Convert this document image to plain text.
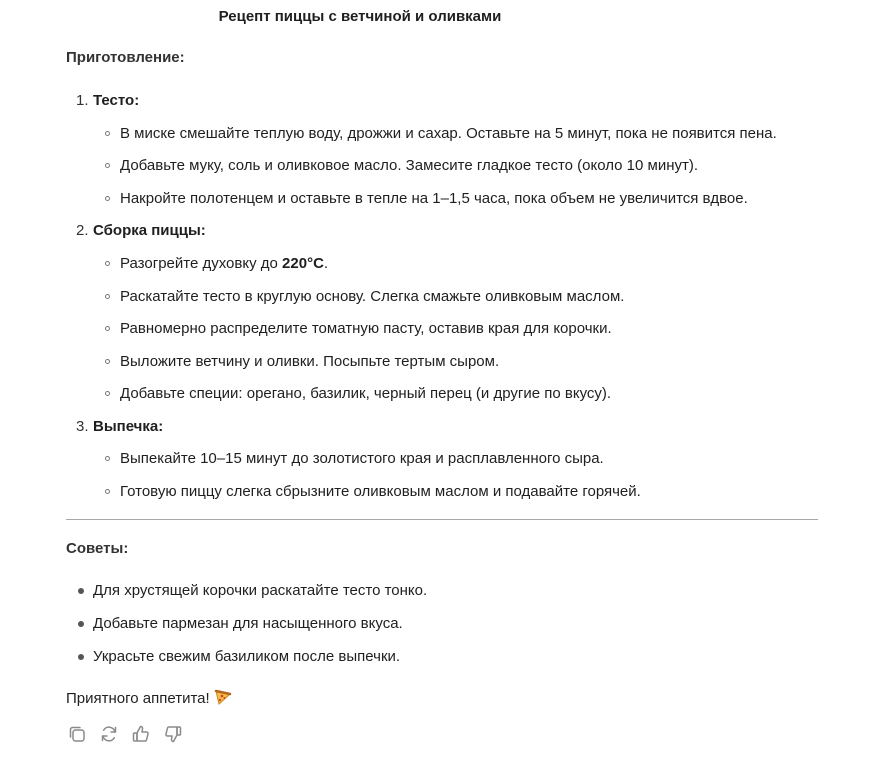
Рецепт пиццы с ветчиной и оливками
Приготовление:
1. Тесто:
В миске смешайте теплую воду, дрожжи и сахар. Оставьте на 5 минут, пока не появится пена.
Добавьте муку, соль и оливковое масло. Замесите гладкое тесто (около 10 минут).
Накройте полотенцем и оставьте в тепле на 1–1,5 часа, пока объем не увеличится вдвое.
2. Сборка пиццы:
Разогрейте духовку до 220°C.
Раскатайте тесто в круглую основу. Слегка смажьте оливковым маслом.
Равномерно распределите томатную пасту, оставив края для корочки.
Выложите ветчину и оливки. Посыпьте тертым сыром.
Добавьте специи: орегано, базилик, черный перец (и другие по вкусу).
3. Выпечка:
Выпекайте 10–15 минут до золотистого края и расплавленного сыра.
Готовую пиццу слегка сбрызните оливковым маслом и подавайте горячей.
Советы:
Для хрустящей корочки раскатайте тесто тонко.
Добавьте пармезан для насыщенного вкуса.
Украсьте свежим базиликом после выпечки.
Приятного аппетита!
